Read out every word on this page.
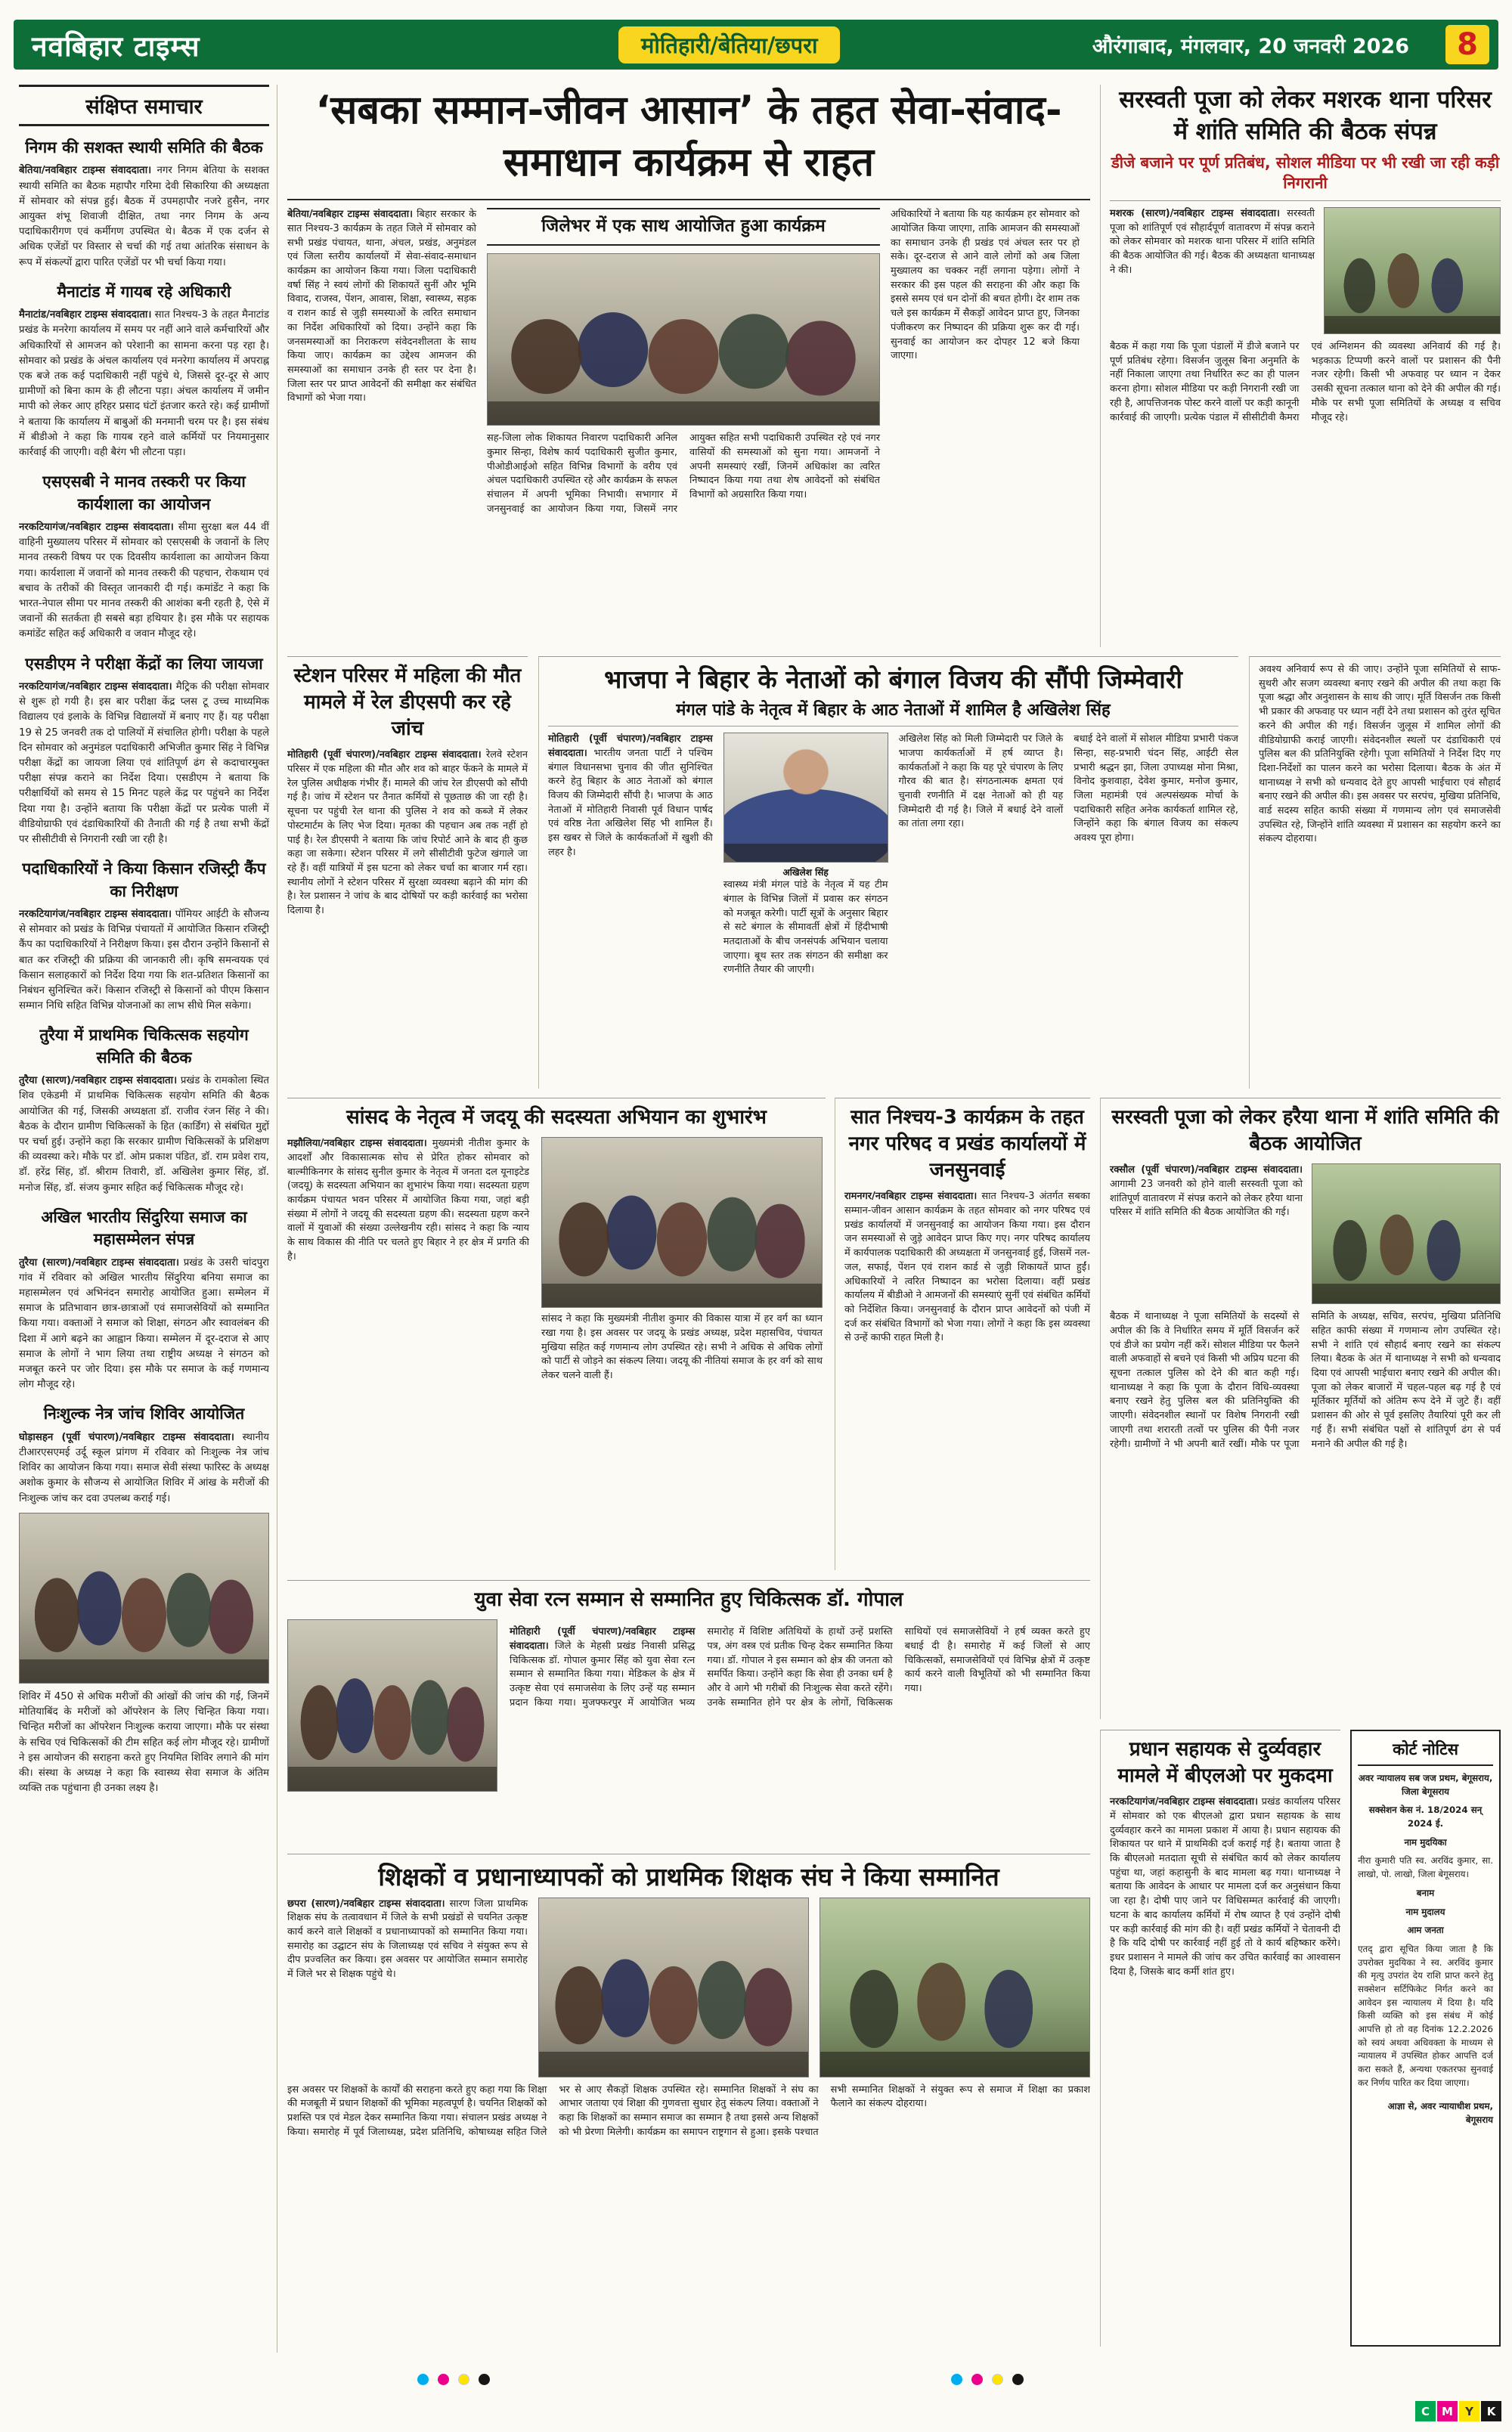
नवबिहार टाइम्स	मोतिहारी/बेतिया/छपरा	औरंगाबाद, मंगलवार, 20 जनवरी 2026	8
संक्षिप्त समाचार
निगम की सशक्त स्थायी समिति की बैठक

बेतिया/नवबिहार टाइम्स संवाददाता। नगर निगम बेतिया के सशक्त स्थायी समिति का बैठक महापौर गरिमा देवी सिकारिया की अध्यक्षता में सोमवार को संपन्न हुई। बैठक में उपमहापौर नजरे हुसैन, नगर आयुक्त शंभू शिवाजी दीक्षित, तथा नगर निगम के अन्य पदाधिकारीगण एवं कर्मीगण उपस्थित थे। बैठक में एक दर्जन से अधिक एजेंडों पर विस्तार से चर्चा की गई तथा आंतरिक संसाधन के रूप में संकल्पों द्वारा पारित एजेंडों पर भी चर्चा किया गया।

मैनाटांड में गायब रहे अधिकारी

मैनाटांड/नवबिहार टाइम्स संवाददाता। सात निश्चय-3 के तहत मैनाटांड प्रखंड के मनरेगा कार्यालय में समय पर नहीं आने वाले कर्मचारियों और अधिकारियों से आमजन को परेशानी का सामना करना पड़ रहा है। सोमवार को प्रखंड के अंचल कार्यालय एवं मनरेगा कार्यालय में अपराह्न एक बजे तक कई पदाधिकारी नहीं पहुंचे थे, जिससे दूर-दूर से आए ग्रामीणों को बिना काम के ही लौटना पड़ा। अंचल कार्यालय में जमीन मापी को लेकर आए हरिहर प्रसाद घंटों इंतजार करते रहे। कई ग्रामीणों ने बताया कि कार्यालय में बाबुओं की मनमानी चरम पर है। इस संबंध में बीडीओ ने कहा कि गायब रहने वाले कर्मियों पर नियमानुसार कार्रवाई की जाएगी। वही बैरंग भी लौटना पड़ा।

एसएसबी ने मानव तस्करी पर किया कार्यशाला का आयोजन

नरकटियागंज/नवबिहार टाइम्स संवाददाता। सीमा सुरक्षा बल 44 वीं वाहिनी मुख्यालय परिसर में सोमवार को एसएसबी के जवानों के लिए मानव तस्करी विषय पर एक दिवसीय कार्यशाला का आयोजन किया गया। कार्यशाला में जवानों को मानव तस्करी की पहचान, रोकथाम एवं बचाव के तरीकों की विस्तृत जानकारी दी गई। कमांडेंट ने कहा कि भारत-नेपाल सीमा पर मानव तस्करी की आशंका बनी रहती है, ऐसे में जवानों की सतर्कता ही सबसे बड़ा हथियार है। इस मौके पर सहायक कमांडेंट सहित कई अधिकारी व जवान मौजूद रहे।

एसडीएम ने परीक्षा केंद्रों का लिया जायजा

नरकटियागंज/नवबिहार टाइम्स संवाददाता। मैट्रिक की परीक्षा सोमवार से शुरू हो गयी है। इस बार परीक्षा केंद्र प्लस टू उच्च माध्यमिक विद्यालय एवं इलाके के विभिन्न विद्यालयों में बनाए गए हैं। यह परीक्षा 19 से 25 जनवरी तक दो पालियों में संचालित होगी। परीक्षा के पहले दिन सोमवार को अनुमंडल पदाधिकारी अभिजीत कुमार सिंह ने विभिन्न परीक्षा केंद्रों का जायजा लिया एवं शांतिपूर्ण ढंग से कदाचारमुक्त परीक्षा संपन्न कराने का निर्देश दिया। एसडीएम ने बताया कि परीक्षार्थियों को समय से 15 मिनट पहले केंद्र पर पहुंचने का निर्देश दिया गया है। उन्होंने बताया कि परीक्षा केंद्रों पर प्रत्येक पाली में वीडियोग्राफी एवं दंडाधिकारियों की तैनाती की गई है तथा सभी केंद्रों पर सीसीटीवी से निगरानी रखी जा रही है।

पदाधिकारियों ने किया किसान रजिस्ट्री कैंप का निरीक्षण

नरकटियागंज/नवबिहार टाइम्स संवाददाता। पॉमियर आईटी के सौजन्य से सोमवार को प्रखंड के विभिन्न पंचायतों में आयोजित किसान रजिस्ट्री कैंप का पदाधिकारियों ने निरीक्षण किया। इस दौरान उन्होंने किसानों से बात कर रजिस्ट्री की प्रक्रिया की जानकारी ली। कृषि समन्वयक एवं किसान सलाहकारों को निर्देश दिया गया कि शत-प्रतिशत किसानों का निबंधन सुनिश्चित करें। किसान रजिस्ट्री से किसानों को पीएम किसान सम्मान निधि सहित विभिन्न योजनाओं का लाभ सीधे मिल सकेगा।

तुरैया में प्राथमिक चिकित्सक सहयोग समिति की बैठक

तुरैया (सारण)/नवबिहार टाइम्स संवाददाता। प्रखंड के रामकोला स्थित शिव एकेडमी में प्राथमिक चिकित्सक सहयोग समिति की बैठक आयोजित की गई, जिसकी अध्यक्षता डॉ. राजीव रंजन सिंह ने की। बैठक के दौरान ग्रामीण चिकित्सकों के हित (कार्डिंग) से संबंधित मुद्दों पर चर्चा हुई। उन्होंने कहा कि सरकार ग्रामीण चिकित्सकों के प्रशिक्षण की व्यवस्था करे। मौके पर डॉ. ओम प्रकाश पंडित, डॉ. राम प्रवेश राय, डॉ. हरेंद्र सिंह, डॉ. श्रीराम तिवारी, डॉ. अखिलेश कुमार सिंह, डॉ. मनोज सिंह, डॉ. संजय कुमार सहित कई चिकित्सक मौजूद रहे।

अखिल भारतीय सिंदुरिया समाज का महासम्मेलन संपन्न

तुरैया (सारण)/नवबिहार टाइम्स संवाददाता। प्रखंड के उसरी चांदपुरा गांव में रविवार को अखिल भारतीय सिंदुरिया बनिया समाज का महासम्मेलन एवं अभिनंदन समारोह आयोजित हुआ। सम्मेलन में समाज के प्रतिभावान छात्र-छात्राओं एवं समाजसेवियों को सम्मानित किया गया। वक्ताओं ने समाज को शिक्षा, संगठन और स्वावलंबन की दिशा में आगे बढ़ने का आह्वान किया। सम्मेलन में दूर-दराज से आए समाज के लोगों ने भाग लिया तथा राष्ट्रीय अध्यक्ष ने संगठन को मजबूत करने पर जोर दिया। इस मौके पर समाज के कई गणमान्य लोग मौजूद रहे।

निःशुल्क नेत्र जांच शिविर आयोजित

घोड़ासहन (पूर्वी चंपारण)/नवबिहार टाइम्स संवाददाता। स्थानीय टीआरएसएमई उर्दू स्कूल प्रांगण में रविवार को निःशुल्क नेत्र जांच शिविर का आयोजन किया गया। समाज सेवी संस्था फारिस्ट के अध्यक्ष अशोक कुमार के सौजन्य से आयोजित शिविर में आंख के मरीजों की निःशुल्क जांच कर दवा उपलब्ध कराई गई।

शिविर में 450 से अधिक मरीजों की आंखों की जांच की गई, जिनमें मोतियाबिंद के मरीजों को ऑपरेशन के लिए चिन्हित किया गया। चिन्हित मरीजों का ऑपरेशन निःशुल्क कराया जाएगा। मौके पर संस्था के सचिव एवं चिकित्सकों की टीम सहित कई लोग मौजूद रहे। ग्रामीणों ने इस आयोजन की सराहना करते हुए नियमित शिविर लगाने की मांग की। संस्था के अध्यक्ष ने कहा कि स्वास्थ्य सेवा समाज के अंतिम व्यक्ति तक पहुंचाना ही उनका लक्ष्य है।

‘सबका सम्मान-जीवन आसान’ के तहत सेवा-संवाद-समाधान कार्यक्रम से राहत

बेतिया/नवबिहार टाइम्स संवाददाता। बिहार सरकार के सात निश्चय-3 कार्यक्रम के तहत जिले में सोमवार को सभी प्रखंड पंचायत, थाना, अंचल, प्रखंड, अनुमंडल एवं जिला स्तरीय कार्यालयों में सेवा-संवाद-समाधान कार्यक्रम का आयोजन किया गया। जिला पदाधिकारी वर्षा सिंह ने स्वयं लोगों की शिकायतें सुनीं और भूमि विवाद, राजस्व, पेंशन, आवास, शिक्षा, स्वास्थ्य, सड़क व राशन कार्ड से जुड़ी समस्याओं के त्वरित समाधान का निर्देश अधिकारियों को दिया। उन्होंने कहा कि जनसमस्याओं का निराकरण संवेदनशीलता के साथ किया जाए। कार्यक्रम का उद्देश्य आमजन की समस्याओं का समाधान उनके ही स्तर पर देना है। जिला स्तर पर प्राप्त आवेदनों की समीक्षा कर संबंधित विभागों को भेजा गया।

जिलेभर में एक साथ आयोजित हुआ कार्यक्रम

सह-जिला लोक शिकायत निवारण पदाधिकारी अनिल कुमार सिन्हा, विशेष कार्य पदाधिकारी सुजीत कुमार, पीओडीआईओ सहित विभिन्न विभागों के वरीय एवं अंचल पदाधिकारी उपस्थित रहे और कार्यक्रम के सफल संचालन में अपनी भूमिका निभायी। सभागार में जनसुनवाई का आयोजन किया गया, जिसमें नगर आयुक्त सहित सभी पदाधिकारी उपस्थित रहे एवं नगर वासियों की समस्याओं को सुना गया। आमजनों ने अपनी समस्याएं रखीं, जिनमें अधिकांश का त्वरित निष्पादन किया गया तथा शेष आवेदनों को संबंधित विभागों को अग्रसारित किया गया।

अधिकारियों ने बताया कि यह कार्यक्रम हर सोमवार को आयोजित किया जाएगा, ताकि आमजन की समस्याओं का समाधान उनके ही प्रखंड एवं अंचल स्तर पर हो सके। दूर-दराज से आने वाले लोगों को अब जिला मुख्यालय का चक्कर नहीं लगाना पड़ेगा। लोगों ने सरकार की इस पहल की सराहना की और कहा कि इससे समय एवं धन दोनों की बचत होगी। देर शाम तक चले इस कार्यक्रम में सैकड़ों आवेदन प्राप्त हुए, जिनका पंजीकरण कर निष्पादन की प्रक्रिया शुरू कर दी गई। सुनवाई का आयोजन कर दोपहर 12 बजे किया जाएगा।

सरस्वती पूजा को लेकर मशरक थाना परिसर में शांति समिति की बैठक संपन्न
डीजे बजाने पर पूर्ण प्रतिबंध, सोशल मीडिया पर भी रखी जा रही कड़ी निगरानी

मशरक (सारण)/नवबिहार टाइम्स संवाददाता। सरस्वती पूजा को शांतिपूर्ण एवं सौहार्दपूर्ण वातावरण में संपन्न कराने को लेकर सोमवार को मशरक थाना परिसर में शांति समिति की बैठक आयोजित की गई। बैठक की अध्यक्षता थानाध्यक्ष ने की।

बैठक में कहा गया कि पूजा पंडालों में डीजे बजाने पर पूर्ण प्रतिबंध रहेगा। विसर्जन जुलूस बिना अनुमति के नहीं निकाला जाएगा तथा निर्धारित रूट का ही पालन करना होगा। सोशल मीडिया पर कड़ी निगरानी रखी जा रही है, आपत्तिजनक पोस्ट करने वालों पर कड़ी कानूनी कार्रवाई की जाएगी। प्रत्येक पंडाल में सीसीटीवी कैमरा एवं अग्निशमन की व्यवस्था अनिवार्य की गई है। भड़काऊ टिप्पणी करने वालों पर प्रशासन की पैनी नजर रहेगी। किसी भी अफवाह पर ध्यान न देकर उसकी सूचना तत्काल थाना को देने की अपील की गई। मौके पर सभी पूजा समितियों के अध्यक्ष व सचिव मौजूद रहे।

स्टेशन परिसर में महिला की मौत मामले में रेल डीएसपी कर रहे जांच

मोतिहारी (पूर्वी चंपारण)/नवबिहार टाइम्स संवाददाता। रेलवे स्टेशन परिसर में एक महिला की मौत और शव को बाहर फेंकने के मामले में रेल पुलिस अधीक्षक गंभीर हैं। मामले की जांच रेल डीएसपी को सौंपी गई है। जांच में स्टेशन पर तैनात कर्मियों से पूछताछ की जा रही है। सूचना पर पहुंची रेल थाना की पुलिस ने शव को कब्जे में लेकर पोस्टमार्टम के लिए भेज दिया। मृतका की पहचान अब तक नहीं हो पाई है। रेल डीएसपी ने बताया कि जांच रिपोर्ट आने के बाद ही कुछ कहा जा सकेगा। स्टेशन परिसर में लगे सीसीटीवी फुटेज खंगाले जा रहे हैं। वहीं यात्रियों में इस घटना को लेकर चर्चा का बाजार गर्म रहा। स्थानीय लोगों ने स्टेशन परिसर में सुरक्षा व्यवस्था बढ़ाने की मांग की है। रेल प्रशासन ने जांच के बाद दोषियों पर कड़ी कार्रवाई का भरोसा दिलाया है।

भाजपा ने बिहार के नेताओं को बंगाल विजय की सौंपी जिम्मेवारी
मंगल पांडे के नेतृत्व में बिहार के आठ नेताओं में शामिल है अखिलेश सिंह

मोतिहारी (पूर्वी चंपारण)/नवबिहार टाइम्स संवाददाता। भारतीय जनता पार्टी ने पश्चिम बंगाल विधानसभा चुनाव की जीत सुनिश्चित करने हेतु बिहार के आठ नेताओं को बंगाल विजय की जिम्मेदारी सौंपी है। भाजपा के आठ नेताओं में मोतिहारी निवासी पूर्व विधान पार्षद एवं वरिष्ठ नेता अखिलेश सिंह भी शामिल हैं। इस खबर से जिले के कार्यकर्ताओं में खुशी की लहर है।

अखिलेश सिंह

स्वास्थ्य मंत्री मंगल पांडे के नेतृत्व में यह टीम बंगाल के विभिन्न जिलों में प्रवास कर संगठन को मजबूत करेगी। पार्टी सूत्रों के अनुसार बिहार से सटे बंगाल के सीमावर्ती क्षेत्रों में हिंदीभाषी मतदाताओं के बीच जनसंपर्क अभियान चलाया जाएगा। बूथ स्तर तक संगठन की समीक्षा कर रणनीति तैयार की जाएगी।

अखिलेश सिंह को मिली जिम्मेदारी पर जिले के भाजपा कार्यकर्ताओं में हर्ष व्याप्त है। कार्यकर्ताओं ने कहा कि यह पूरे चंपारण के लिए गौरव की बात है। संगठनात्मक क्षमता एवं चुनावी रणनीति में दक्ष नेताओं को ही यह जिम्मेदारी दी गई है। जिले में बधाई देने वालों का तांता लगा रहा।

बधाई देने वालों में सोशल मीडिया प्रभारी पंकज सिन्हा, सह-प्रभारी चंदन सिंह, आईटी सेल प्रभारी श्रद्धन झा, जिला उपाध्यक्ष मोना मिश्रा, विनोद कुशवाहा, देवेश कुमार, मनोज कुमार, जिला महामंत्री एवं अल्पसंख्यक मोर्चा के पदाधिकारी सहित अनेक कार्यकर्ता शामिल रहे, जिन्होंने कहा कि बंगाल विजय का संकल्प अवश्य पूरा होगा।

अवश्य अनिवार्य रूप से की जाए। उन्होंने पूजा समितियों से साफ-सुथरी और सजग व्यवस्था बनाए रखने की अपील की तथा कहा कि पूजा श्रद्धा और अनुशासन के साथ की जाए। मूर्ति विसर्जन तक किसी भी प्रकार की अफवाह पर ध्यान नहीं देने तथा प्रशासन को तुरंत सूचित करने की अपील की गई। विसर्जन जुलूस में शामिल लोगों की वीडियोग्राफी कराई जाएगी। संवेदनशील स्थलों पर दंडाधिकारी एवं पुलिस बल की प्रतिनियुक्ति रहेगी। पूजा समितियों ने निर्देश दिए गए दिशा-निर्देशों का पालन करने का भरोसा दिलाया। बैठक के अंत में थानाध्यक्ष ने सभी को धन्यवाद देते हुए आपसी भाईचारा एवं सौहार्द बनाए रखने की अपील की। इस अवसर पर सरपंच, मुखिया प्रतिनिधि, वार्ड सदस्य सहित काफी संख्या में गणमान्य लोग एवं समाजसेवी उपस्थित रहे, जिन्होंने शांति व्यवस्था में प्रशासन का सहयोग करने का संकल्प दोहराया।

सांसद के नेतृत्व में जदयू की सदस्यता अभियान का शुभारंभ

मझौलिया/नवबिहार टाइम्स संवाददाता। मुख्यमंत्री नीतीश कुमार के आदर्शों और विकासात्मक सोच से प्रेरित होकर सोमवार को बाल्मीकिनगर के सांसद सुनील कुमार के नेतृत्व में जनता दल यूनाइटेड (जदयू) के सदस्यता अभियान का शुभारंभ किया गया। सदस्यता ग्रहण कार्यक्रम पंचायत भवन परिसर में आयोजित किया गया, जहां बड़ी संख्या में लोगों ने जदयू की सदस्यता ग्रहण की। सदस्यता ग्रहण करने वालों में युवाओं की संख्या उल्लेखनीय रही। सांसद ने कहा कि न्याय के साथ विकास की नीति पर चलते हुए बिहार ने हर क्षेत्र में प्रगति की है।

सांसद ने कहा कि मुख्यमंत्री नीतीश कुमार की विकास यात्रा में हर वर्ग का ध्यान रखा गया है। इस अवसर पर जदयू के प्रखंड अध्यक्ष, प्रदेश महासचिव, पंचायत मुखिया सहित कई गणमान्य लोग उपस्थित रहे। सभी ने अधिक से अधिक लोगों को पार्टी से जोड़ने का संकल्प लिया। जदयू की नीतियां समाज के हर वर्ग को साथ लेकर चलने वाली हैं।

सात निश्चय-3 कार्यक्रम के तहत नगर परिषद व प्रखंड कार्यालयों में जनसुनवाई

रामनगर/नवबिहार टाइम्स संवाददाता। सात निश्चय-3 अंतर्गत सबका सम्मान-जीवन आसान कार्यक्रम के तहत सोमवार को नगर परिषद एवं प्रखंड कार्यालयों में जनसुनवाई का आयोजन किया गया। इस दौरान जन समस्याओं से जुड़े आवेदन प्राप्त किए गए। नगर परिषद कार्यालय में कार्यपालक पदाधिकारी की अध्यक्षता में जनसुनवाई हुई, जिसमें नल-जल, सफाई, पेंशन एवं राशन कार्ड से जुड़ी शिकायतें प्राप्त हुईं। अधिकारियों ने त्वरित निष्पादन का भरोसा दिलाया। वहीं प्रखंड कार्यालय में बीडीओ ने आमजनों की समस्याएं सुनीं एवं संबंधित कर्मियों को निर्देशित किया। जनसुनवाई के दौरान प्राप्त आवेदनों को पंजी में दर्ज कर संबंधित विभागों को भेजा गया। लोगों ने कहा कि इस व्यवस्था से उन्हें काफी राहत मिली है।

सरस्वती पूजा को लेकर हरैया थाना में शांति समिति की बैठक आयोजित

रक्सौल (पूर्वी चंपारण)/नवबिहार टाइम्स संवाददाता। आगामी 23 जनवरी को होने वाली सरस्वती पूजा को शांतिपूर्ण वातावरण में संपन्न कराने को लेकर हरैया थाना परिसर में शांति समिति की बैठक आयोजित की गई।

बैठक में थानाध्यक्ष ने पूजा समितियों के सदस्यों से अपील की कि वे निर्धारित समय में मूर्ति विसर्जन करें एवं डीजे का प्रयोग नहीं करें। सोशल मीडिया पर फैलने वाली अफवाहों से बचने एवं किसी भी अप्रिय घटना की सूचना तत्काल पुलिस को देने की बात कही गई। थानाध्यक्ष ने कहा कि पूजा के दौरान विधि-व्यवस्था बनाए रखने हेतु पुलिस बल की प्रतिनियुक्ति की जाएगी। संवेदनशील स्थानों पर विशेष निगरानी रखी जाएगी तथा शरारती तत्वों पर पुलिस की पैनी नजर रहेगी। ग्रामीणों ने भी अपनी बातें रखीं। मौके पर पूजा समिति के अध्यक्ष, सचिव, सरपंच, मुखिया प्रतिनिधि सहित काफी संख्या में गणमान्य लोग उपस्थित रहे। सभी ने शांति एवं सौहार्द बनाए रखने का संकल्प लिया। बैठक के अंत में थानाध्यक्ष ने सभी को धन्यवाद दिया एवं आपसी भाईचारा बनाए रखने की अपील की। पूजा को लेकर बाजारों में चहल-पहल बढ़ गई है एवं मूर्तिकार मूर्तियों को अंतिम रूप देने में जुटे हैं। वहीं प्रशासन की ओर से पूर्व इसलिए तैयारियां पूरी कर ली गई हैं। सभी संबंधित पक्षों से शांतिपूर्ण ढंग से पर्व मनाने की अपील की गई है।

युवा सेवा रत्न सम्मान से सम्मानित हुए चिकित्सक डॉ. गोपाल

मोतिहारी (पूर्वी चंपारण)/नवबिहार टाइम्स संवाददाता। जिले के मेहसी प्रखंड निवासी प्रसिद्ध चिकित्सक डॉ. गोपाल कुमार सिंह को युवा सेवा रत्न सम्मान से सम्मानित किया गया। मेडिकल के क्षेत्र में उत्कृष्ट सेवा एवं समाजसेवा के लिए उन्हें यह सम्मान प्रदान किया गया। मुजफ्फरपुर में आयोजित भव्य समारोह में विशिष्ट अतिथियों के हाथों उन्हें प्रशस्ति पत्र, अंग वस्त्र एवं प्रतीक चिन्ह देकर सम्मानित किया गया। डॉ. गोपाल ने इस सम्मान को क्षेत्र की जनता को समर्पित किया। उन्होंने कहा कि सेवा ही उनका धर्म है और वे आगे भी गरीबों की निःशुल्क सेवा करते रहेंगे। उनके सम्मानित होने पर क्षेत्र के लोगों, चिकित्सक साथियों एवं समाजसेवियों ने हर्ष व्यक्त करते हुए बधाई दी है। समारोह में कई जिलों से आए चिकित्सकों, समाजसेवियों एवं विभिन्न क्षेत्रों में उत्कृष्ट कार्य करने वाली विभूतियों को भी सम्मानित किया गया।

शिक्षकों व प्रधानाध्यापकों को प्राथमिक शिक्षक संघ ने किया सम्मानित

छपरा (सारण)/नवबिहार टाइम्स संवाददाता। सारण जिला प्राथमिक शिक्षक संघ के तत्वावधान में जिले के सभी प्रखंडों से चयनित उत्कृष्ट कार्य करने वाले शिक्षकों व प्रधानाध्यापकों को सम्मानित किया गया। समारोह का उद्घाटन संघ के जिलाध्यक्ष एवं सचिव ने संयुक्त रूप से दीप प्रज्वलित कर किया। इस अवसर पर आयोजित सम्मान समारोह में जिले भर से शिक्षक पहुंचे थे।

इस अवसर पर शिक्षकों के कार्यों की सराहना करते हुए कहा गया कि शिक्षा की मजबूती में प्रधान शिक्षकों की भूमिका महत्वपूर्ण है। चयनित शिक्षकों को प्रशस्ति पत्र एवं मेडल देकर सम्मानित किया गया। संचालन प्रखंड अध्यक्ष ने किया। समारोह में पूर्व जिलाध्यक्ष, प्रदेश प्रतिनिधि, कोषाध्यक्ष सहित जिले भर से आए सैकड़ों शिक्षक उपस्थित रहे। सम्मानित शिक्षकों ने संघ का आभार जताया एवं शिक्षा की गुणवत्ता सुधार हेतु संकल्प लिया। वक्ताओं ने कहा कि शिक्षकों का सम्मान समाज का सम्मान है तथा इससे अन्य शिक्षकों को भी प्रेरणा मिलेगी। कार्यक्रम का समापन राष्ट्रगान से हुआ। इसके पश्चात सभी सम्मानित शिक्षकों ने संयुक्त रूप से समाज में शिक्षा का प्रकाश फैलाने का संकल्प दोहराया।

प्रधान सहायक से दुर्व्यवहार मामले में बीएलओ पर मुकदमा

नरकटियागंज/नवबिहार टाइम्स संवाददाता। प्रखंड कार्यालय परिसर में सोमवार को एक बीएलओ द्वारा प्रधान सहायक के साथ दुर्व्यवहार करने का मामला प्रकाश में आया है। प्रधान सहायक की शिकायत पर थाने में प्राथमिकी दर्ज कराई गई है। बताया जाता है कि बीएलओ मतदाता सूची से संबंधित कार्य को लेकर कार्यालय पहुंचा था, जहां कहासुनी के बाद मामला बढ़ गया। थानाध्यक्ष ने बताया कि आवेदन के आधार पर मामला दर्ज कर अनुसंधान किया जा रहा है। दोषी पाए जाने पर विधिसम्मत कार्रवाई की जाएगी। घटना के बाद कार्यालय कर्मियों में रोष व्याप्त है एवं उन्होंने दोषी पर कड़ी कार्रवाई की मांग की है। वहीं प्रखंड कर्मियों ने चेतावनी दी है कि यदि दोषी पर कार्रवाई नहीं हुई तो वे कार्य बहिष्कार करेंगे। इधर प्रशासन ने मामले की जांच कर उचित कार्रवाई का आश्वासन दिया है, जिसके बाद कर्मी शांत हुए।

कोर्ट नोटिस

अवर न्यायालय सब जज प्रथम, बेगूसराय, जिला बेगूसराय

सक्सेशन केस नं. 18/2024 सन् 2024 ई.

नाम मुदयिका

नीरा कुमारी पति स्व. अरविंद कुमार, सा. लाखो, पो. लाखो, जिला बेगूसराय।

बनाम

नाम मुदालय

आम जनता

एतद् द्वारा सूचित किया जाता है कि उपरोक्त मुदयिका ने स्व. अरविंद कुमार की मृत्यु उपरांत देय राशि प्राप्त करने हेतु सक्सेशन सर्टिफिकेट निर्गत करने का आवेदन इस न्यायालय में दिया है। यदि किसी व्यक्ति को इस संबंध में कोई आपत्ति हो तो वह दिनांक 12.2.2026 को स्वयं अथवा अधिवक्ता के माध्यम से न्यायालय में उपस्थित होकर आपत्ति दर्ज करा सकते हैं, अन्यथा एकतरफा सुनवाई कर निर्णय पारित कर दिया जाएगा।

आज्ञा से, अवर न्यायाधीश प्रथम, बेगूसराय

C	M	Y	K
